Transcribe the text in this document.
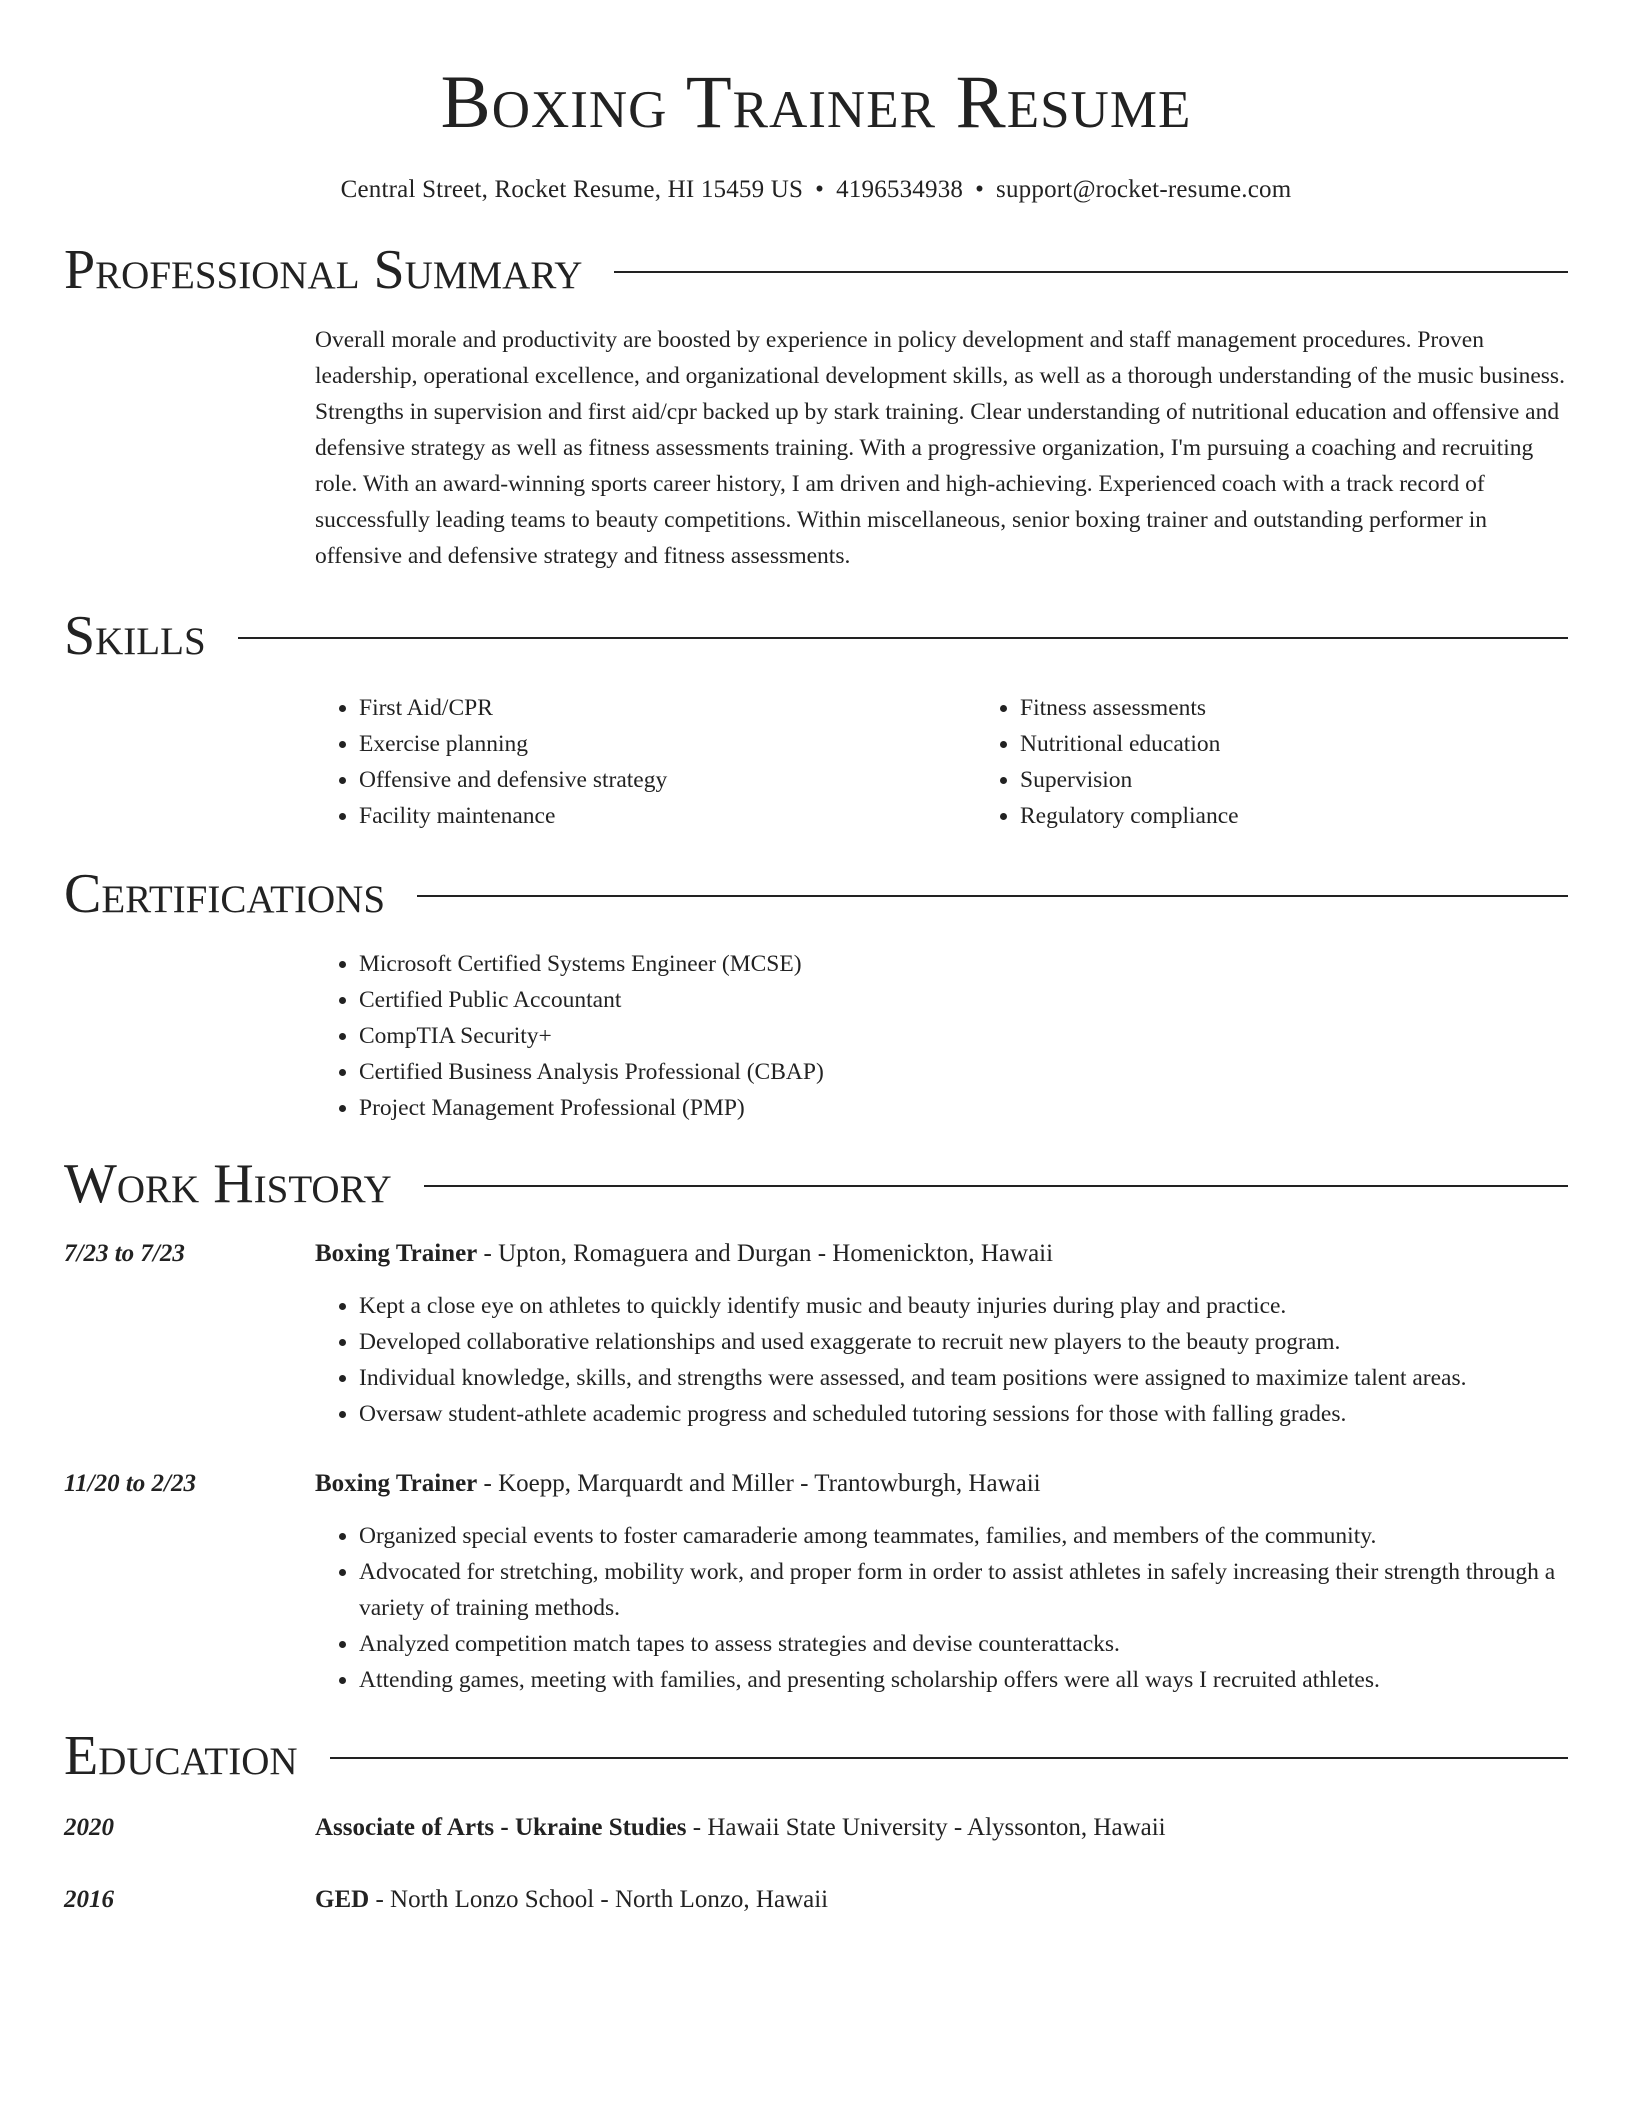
Boxing Trainer Resume
Central Street, Rocket Resume, HI 15459 US • 4196534938 • support@rocket-resume.com
Professional Summary

Overall morale and productivity are boosted by experience in policy development and staff management procedures. Proven leadership, operational excellence, and organizational development skills, as well as a thorough understanding of the music business. Strengths in supervision and first aid/cpr backed up by stark training. Clear understanding of nutritional education and offensive and defensive strategy as well as fitness assessments training. With a progressive organization, I'm pursuing a coaching and recruiting role. With an award-winning sports career history, I am driven and high-achieving. Experienced coach with a track record of successfully leading teams to beauty competitions. Within miscellaneous, senior boxing trainer and outstanding performer in offensive and defensive strategy and fitness assessments.

Skills
• First Aid/CPR
• Exercise planning
• Offensive and defensive strategy
• Facility maintenance
• Fitness assessments
• Nutritional education
• Supervision
• Regulatory compliance
Certifications
• Microsoft Certified Systems Engineer (MCSE)
• Certified Public Accountant
• CompTIA Security+
• Certified Business Analysis Professional (CBAP)
• Project Management Professional (PMP)
Work History
7/23 to 7/23	Boxing Trainer - Upton, Romaguera and Durgan - Homenickton, Hawaii
• Kept a close eye on athletes to quickly identify music and beauty injuries during play and practice.
• Developed collaborative relationships and used exaggerate to recruit new players to the beauty program.
• Individual knowledge, skills, and strengths were assessed, and team positions were assigned to maximize talent areas.
• Oversaw student-athlete academic progress and scheduled tutoring sessions for those with falling grades.
11/20 to 2/23	Boxing Trainer - Koepp, Marquardt and Miller - Trantowburgh, Hawaii
• Organized special events to foster camaraderie among teammates, families, and members of the community.
• Advocated for stretching, mobility work, and proper form in order to assist athletes in safely increasing their strength through a variety of training methods.
• Analyzed competition match tapes to assess strategies and devise counterattacks.
• Attending games, meeting with families, and presenting scholarship offers were all ways I recruited athletes.
Education
2020	Associate of Arts - Ukraine Studies - Hawaii State University - Alyssonton, Hawaii
2016	GED - North Lonzo School - North Lonzo, Hawaii
